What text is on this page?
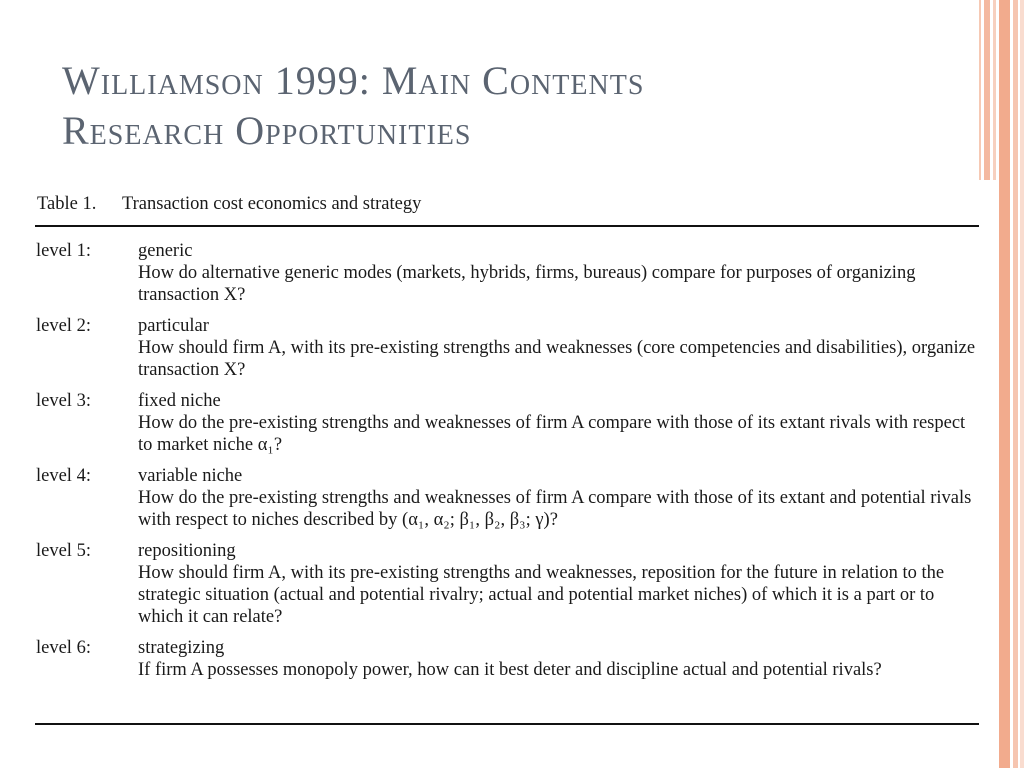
Williamson 1999: Main Contents
Research Opportunities
Table 1. Transaction cost economics and strategy
level 1:	generic
How do alternative generic modes (markets, hybrids, firms, bureaus) compare for purposes of organizing transaction X?
level 2:	particular
How should firm A, with its pre-existing strengths and weaknesses (core competencies and disabilities), organize transaction X?
level 3:	fixed niche
How do the pre-existing strengths and weaknesses of firm A compare with those of its extant rivals with respect to market niche α₁?
level 4:	variable niche
How do the pre-existing strengths and weaknesses of firm A compare with those of its extant and potential rivals with respect to niches described by (α₁, α₂; β₁, β₂, β₃; γ)?
level 5:	repositioning
How should firm A, with its pre-existing strengths and weaknesses, reposition for the future in relation to the strategic situation (actual and potential rivalry; actual and potential market niches) of which it is a part or to which it can relate?
level 6:	strategizing
If firm A possesses monopoly power, how can it best deter and discipline actual and potential rivals?
